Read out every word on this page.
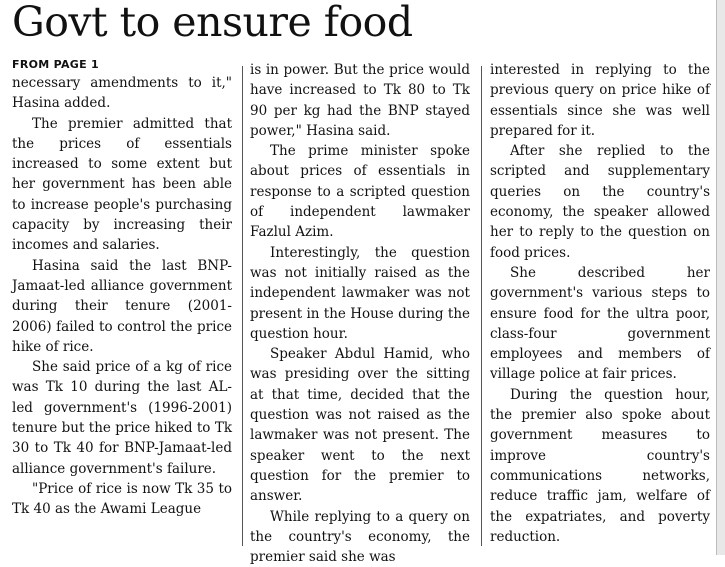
Govt to ensure food
FROM PAGE 1

necessary amendments to it," Hasina added.

The premier admitted that the prices of essentials increased to some extent but her government has been able to increase people's purchasing capacity by increasing their incomes and salaries.

Hasina said the last BNP-Jamaat-led alliance government during their tenure (2001-2006) failed to control the price hike of rice.

She said price of a kg of rice was Tk 10 during the last AL-led government's (1996-2001) tenure but the price hiked to Tk 30 to Tk 40 for BNP-Jamaat-led alliance government's failure.

"Price of rice is now Tk 35 to Tk 40 as the Awami League

is in power. But the price would have increased to Tk 80 to Tk 90 per kg had the BNP stayed power," Hasina said.

The prime minister spoke about prices of essentials in response to a scripted question of independent lawmaker Fazlul Azim.

Interestingly, the question was not initially raised as the independent lawmaker was not present in the House during the question hour.

Speaker Abdul Hamid, who was presiding over the sitting at that time, decided that the question was not raised as the lawmaker was not present. The speaker went to the next question for the premier to answer.

While replying to a query on the country's economy, the premier said she was

interested in replying to the previous query on price hike of essentials since she was well prepared for it.

After she replied to the scripted and supplementary queries on the country's economy, the speaker allowed her to reply to the question on food prices.

She described her government's various steps to ensure food for the ultra poor, class-four government employees and members of village police at fair prices.

During the question hour, the premier also spoke about government measures to improve country's communications networks, reduce traffic jam, welfare of the expatriates, and poverty reduction.
